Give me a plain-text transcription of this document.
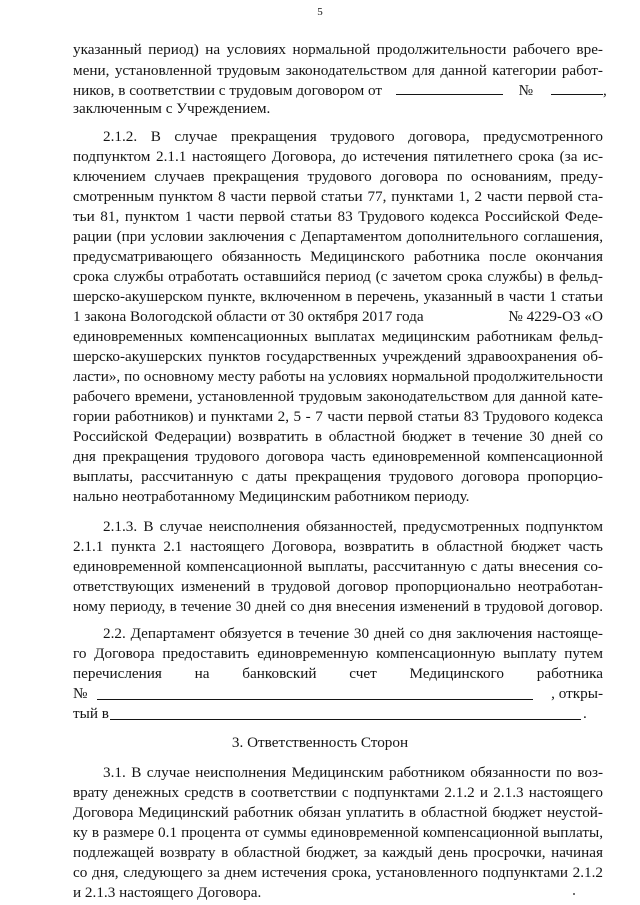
5
указанный период) на условиях нормальной продолжительности рабочего вре-
мени, установленной трудовым законодательством для данной категории работ-
ников, в соответствии с трудовым договором от	№	,
заключенным с Учреждением.
2.1.2. В случае прекращения трудового договора, предусмотренного
подпунктом 2.1.1 настоящего Договора, до истечения пятилетнего срока (за ис-
ключением случаев прекращения трудового договора по основаниям, преду-
смотренным пунктом 8 части первой статьи 77, пунктами 1, 2 части первой ста-
тьи 81, пунктом 1 части первой статьи 83 Трудового кодекса Российской Феде-
рации (при условии заключения с Департаментом дополнительного соглашения,
предусматривающего обязанность Медицинского работника после окончания
срока службы отработать оставшийся период (с зачетом срока службы) в фельд-
шерско-акушерском пункте, включенном в перечень, указанный в части 1 статьи
1 закона Вологодской области от 30 октября 2017 года	№ 4229-ОЗ «О
единовременных компенсационных выплатах медицинским работникам фельд-
шерско-акушерских пунктов государственных учреждений здравоохранения об-
ласти», по основному месту работы на условиях нормальной продолжительности
рабочего времени, установленной трудовым законодательством для данной кате-
гории работников) и пунктами 2, 5 - 7 части первой статьи 83 Трудового кодекса
Российской Федерации) возвратить в областной бюджет в течение 30 дней со
дня прекращения трудового договора часть единовременной компенсационной
выплаты, рассчитанную с даты прекращения трудового договора пропорцио-
нально неотработанному Медицинским работником периоду.
2.1.3. В случае неисполнения обязанностей, предусмотренных подпунктом
2.1.1 пункта 2.1 настоящего Договора, возвратить в областной бюджет часть
единовременной компенсационной выплаты, рассчитанную с даты внесения со-
ответствующих изменений в трудовой договор пропорционально неотработан-
ному периоду, в течение 30 дней со дня внесения изменений в трудовой договор.
2.2. Департамент обязуется в течение 30 дней со дня заключения настояще-
го Договора предоставить единовременную компенсационную выплату путем
перечисления на банковский счет Медицинского работника
№	, откры-
тый в	.
3. Ответственность Сторон
3.1. В случае неисполнения Медицинским работником обязанности по воз-
врату денежных средств в соответствии с подпунктами 2.1.2 и 2.1.3 настоящего
Договора Медицинский работник обязан уплатить в областной бюджет неустой-
ку в размере 0.1 процента от суммы единовременной компенсационной выплаты,
подлежащей возврату в областной бюджет, за каждый день просрочки, начиная
со дня, следующего за днем истечения срока, установленного подпунктами 2.1.2
и 2.1.3 настоящего Договора.
